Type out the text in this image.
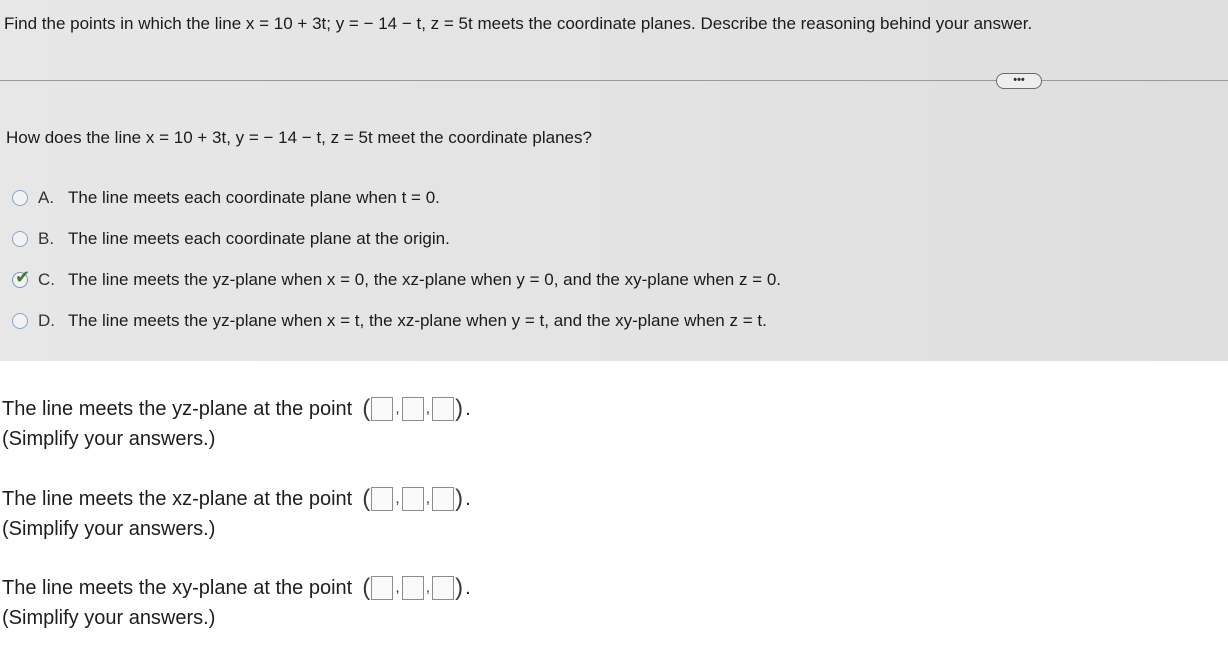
Find the points in which the line x = 10 + 3t; y = − 14 − t, z = 5t meets the coordinate planes. Describe the reasoning behind your answer.
•••
How does the line x = 10 + 3t, y = − 14 − t, z = 5t meet the coordinate planes?
A. The line meets each coordinate plane when t = 0.
B. The line meets each coordinate plane at the origin.
✔ C. The line meets the yz-plane when x = 0, the xz-plane when y = 0, and the xy-plane when z = 0.
D. The line meets the yz-plane when x = t, the xz-plane when y = t, and the xy-plane when z = t.
The line meets the yz-plane at the point ( , , ) .
(Simplify your answers.)
The line meets the xz-plane at the point ( , , ) .
(Simplify your answers.)
The line meets the xy-plane at the point ( , , ) .
(Simplify your answers.)
